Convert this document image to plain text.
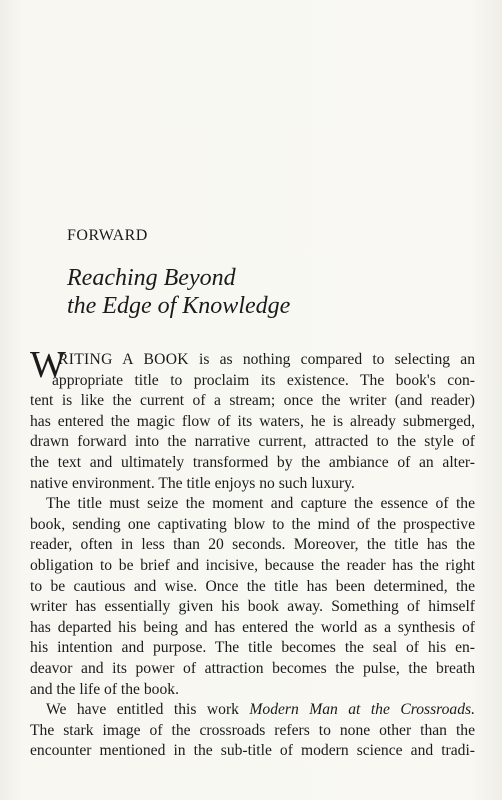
FORWARD
Reaching Beyond
the Edge of Knowledge
W
RITING A BOOK is as nothing compared to selecting an
appropriate title to proclaim its existence. The book's con-
tent is like the current of a stream; once the writer (and reader)
has entered the magic flow of its waters, he is already submerged,
drawn forward into the narrative current, attracted to the style of
the text and ultimately transformed by the ambiance of an alter-
native environment. The title enjoys no such luxury.
The title must seize the moment and capture the essence of the
book, sending one captivating blow to the mind of the prospective
reader, often in less than 20 seconds. Moreover, the title has the
obligation to be brief and incisive, because the reader has the right
to be cautious and wise. Once the title has been determined, the
writer has essentially given his book away. Something of himself
has departed his being and has entered the world as a synthesis of
his intention and purpose. The title becomes the seal of his en-
deavor and its power of attraction becomes the pulse, the breath
and the life of the book.
We have entitled this work Modern Man at the Crossroads.
The stark image of the crossroads refers to none other than the
encounter mentioned in the sub-title of modern science and tradi-
